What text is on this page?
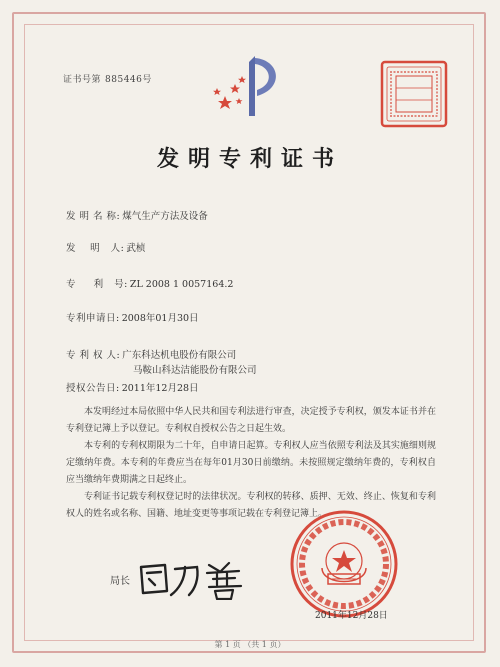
证书号第 885446号
发明专利证书
发 明 名 称: 煤气生产方法及设备
发    明   人: 武桢
专     利   号: ZL 2008 1 0057164.2
专利申请日: 2008年01月30日
专 利 权 人: 广东科达机电股份有限公司
马鞍山科达洁能股份有限公司
授权公告日: 2011年12月28日

本发明经过本局依照中华人民共和国专利法进行审查，决定授予专利权，颁发本证书并在专利登记簿上予以登记。专利权自授权公告之日起生效。

本专利的专利权期限为二十年，自申请日起算。专利权人应当依照专利法及其实施细则规定缴纳年费。本专利的年费应当在每年01月30日前缴纳。未按照规定缴纳年费的，专利权自应当缴纳年费期满之日起终止。

专利证书记载专利权登记时的法律状况。专利权的转移、质押、无效、终止、恢复和专利权人的姓名或名称、国籍、地址变更等事项记载在专利登记簿上。

局长
2011年12月28日
第 1 页 （共 1 页）
